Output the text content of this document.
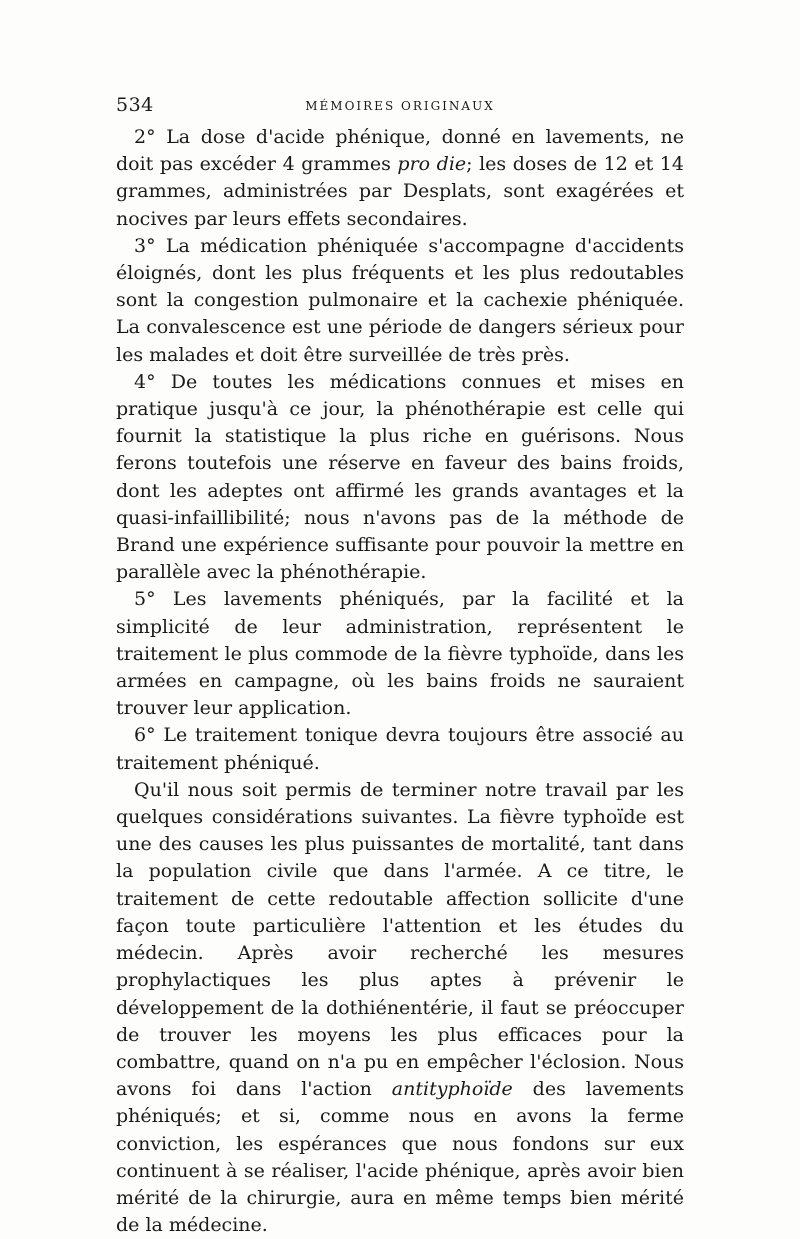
534	MÉMOIRES ORIGINAUX

2° La dose d'acide phénique, donné en lavements, ne doit pas excéder 4 grammes pro die; les doses de 12 et 14 grammes, administrées par Desplats, sont exagérées et nocives par leurs effets secondaires.

3° La médication phéniquée s'accompagne d'accidents éloignés, dont les plus fréquents et les plus redoutables sont la congestion pulmonaire et la cachexie phéniquée. La convalescence est une période de dangers sérieux pour les malades et doit être surveillée de très près.

4° De toutes les médications connues et mises en pratique jusqu'à ce jour, la phénothérapie est celle qui fournit la statistique la plus riche en guérisons. Nous ferons toutefois une réserve en faveur des bains froids, dont les adeptes ont affirmé les grands avantages et la quasi-infaillibilité; nous n'avons pas de la méthode de Brand une expérience suffisante pour pouvoir la mettre en parallèle avec la phénothérapie.

5° Les lavements phéniqués, par la facilité et la simplicité de leur administration, représentent le traitement le plus commode de la fièvre typhoïde, dans les armées en campagne, où les bains froids ne sauraient trouver leur application.

6° Le traitement tonique devra toujours être associé au traitement phéniqué.

Qu'il nous soit permis de terminer notre travail par les quelques considérations suivantes. La fièvre typhoïde est une des causes les plus puissantes de mortalité, tant dans la population civile que dans l'armée. A ce titre, le traitement de cette redoutable affection sollicite d'une façon toute particulière l'attention et les études du médecin. Après avoir recherché les mesures prophylactiques les plus aptes à prévenir le développement de la dothiénentérie, il faut se préoccuper de trouver les moyens les plus efficaces pour la combattre, quand on n'a pu en empêcher l'éclosion. Nous avons foi dans l'action antityphoïde des lavements phéniqués; et si, comme nous en avons la ferme conviction, les espérances que nous fondons sur eux continuent à se réaliser, l'acide phénique, après avoir bien mérité de la chirurgie, aura en même temps bien mérité de la médecine.
